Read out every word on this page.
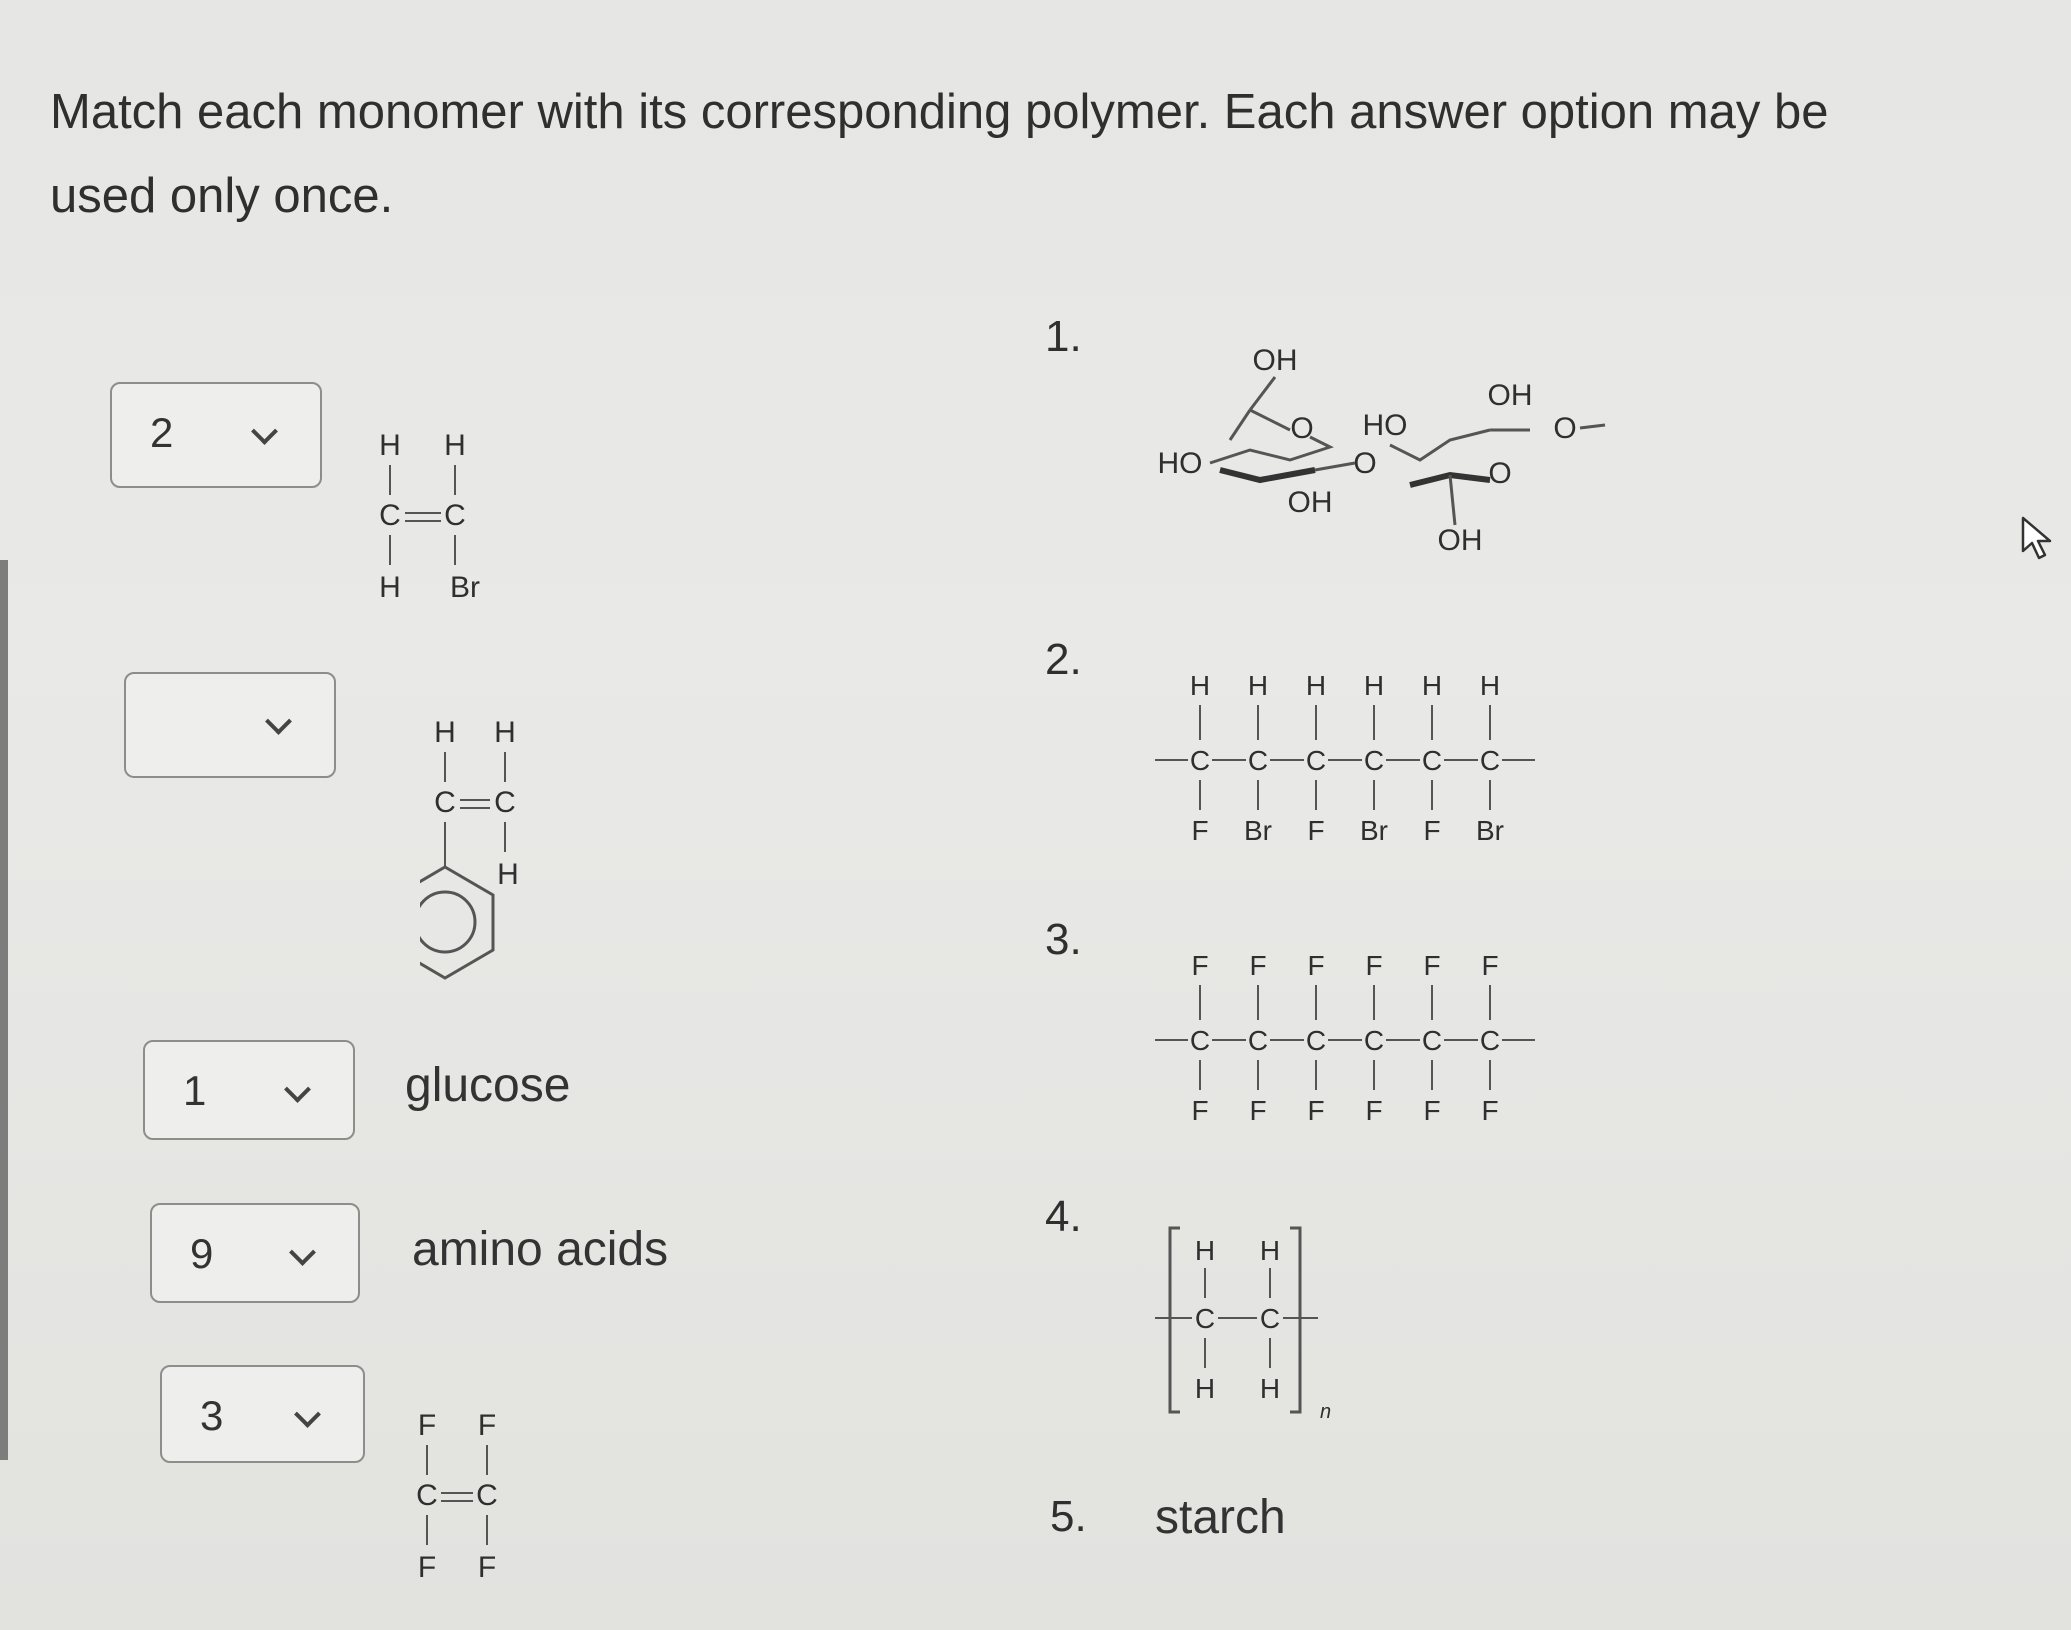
Match each monomer with its corresponding polymer. Each answer option may be
used only once.
2	H H
C C
H Br
H H
C C
H
1	glucose
9	amino acids
3	F F
C C
F F
1.	OH
OH
HO
HO
O
O
O
O
OH
OH
2.
H
C
F
H
C
Br
H
C
F
H
C
Br
H
C
F
H
C
Br
3.
F
C
F
F
C
F
F
C
F
F
C
F
F
C
F
F
C
F
4.
H H
C C
H H
n
5. starch
